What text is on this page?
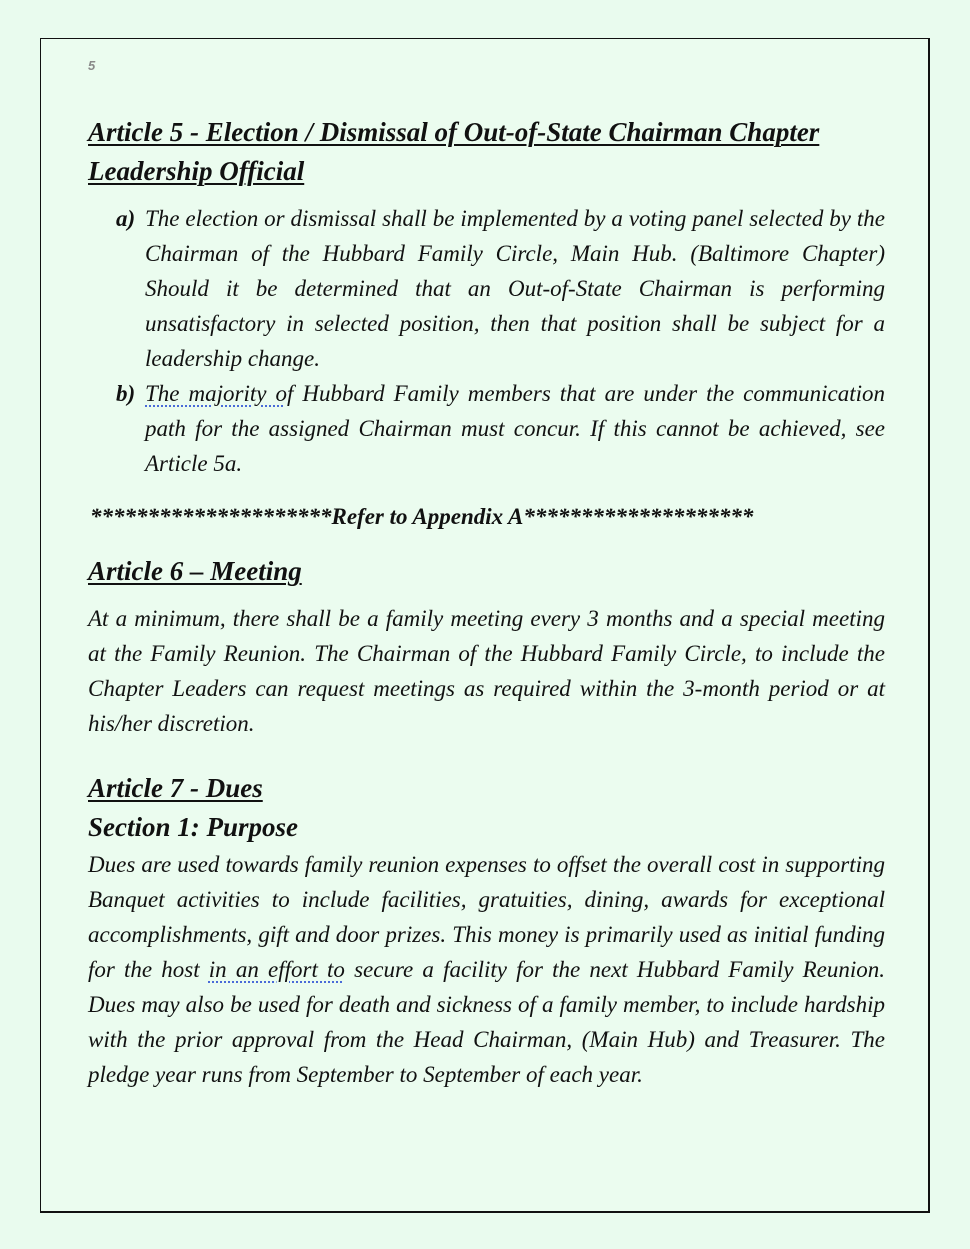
5
Article 5 - Election / Dismissal of Out-of-State Chairman Chapter Leadership Official
a) The election or dismissal shall be implemented by a voting panel selected by the Chairman of the Hubbard Family Circle, Main Hub. (Baltimore Chapter) Should it be determined that an Out-of-State Chairman is performing unsatisfactory in selected position, then that position shall be subject for a leadership change.
b) The majority of Hubbard Family members that are under the communication path for the assigned Chairman must concur. If this cannot be achieved, see Article 5a.
*********************Refer to Appendix A********************
Article 6 – Meeting

At a minimum, there shall be a family meeting every 3 months and a special meeting at the Family Reunion. The Chairman of the Hubbard Family Circle, to include the Chapter Leaders can request meetings as required within the 3-month period or at his/her discretion.

Article 7 - Dues
Section 1: Purpose

Dues are used towards family reunion expenses to offset the overall cost in supporting Banquet activities to include facilities, gratuities, dining, awards for exceptional accomplishments, gift and door prizes. This money is primarily used as initial funding for the host in an effort to secure a facility for the next Hubbard Family Reunion. Dues may also be used for death and sickness of a family member, to include hardship with the prior approval from the Head Chairman, (Main Hub) and Treasurer. The pledge year runs from September to September of each year.
